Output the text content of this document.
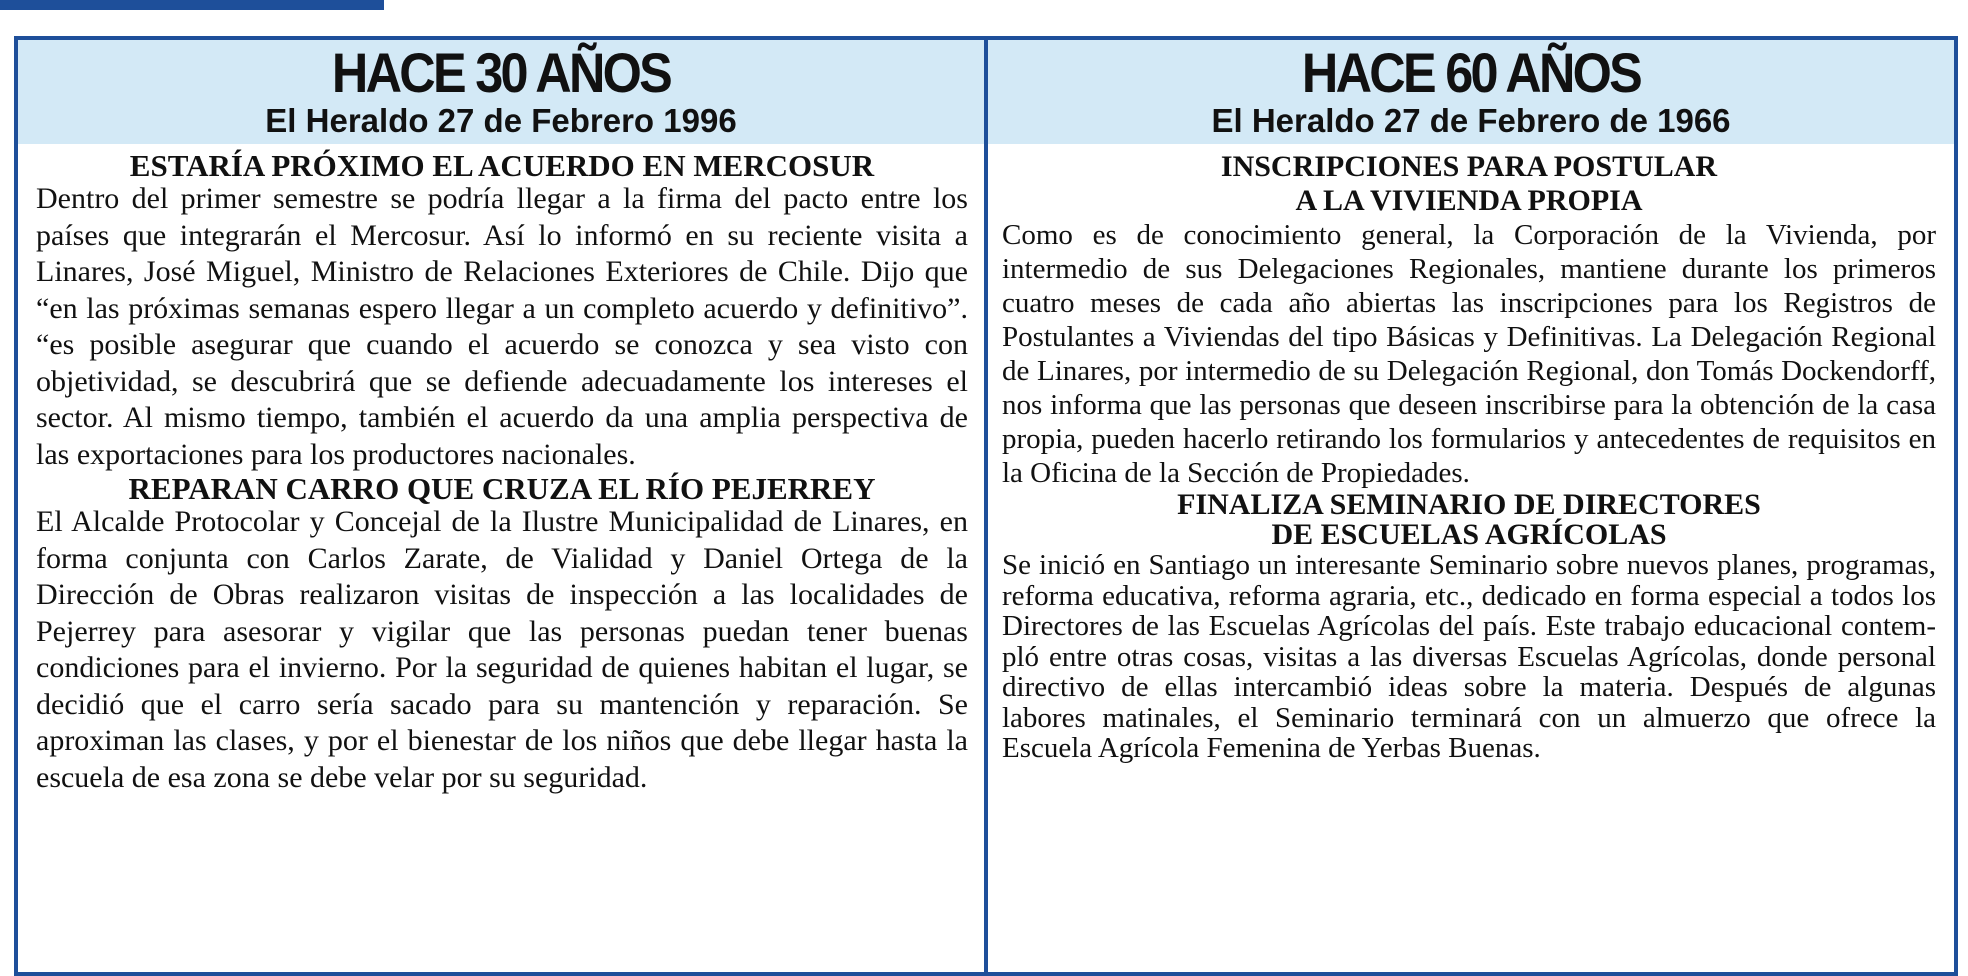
HACE 30 AÑOS
El Heraldo 27 de Febrero 1996
ESTARÍA PRÓXIMO EL ACUERDO EN MERCOSUR

Dentro del primer semestre se podría llegar a la firma del pacto entre los países que integrarán el Mercosur. Así lo informó en su reciente visita a Linares, José Miguel, Ministro de Relaciones Exteriores de Chile. Dijo que “en las próximas semanas espero llegar a un completo acuerdo y definitivo”. “es posible asegurar que cuando el acuerdo se conozca y sea visto con objetividad, se descubrirá que se defiende adecuadamente los intereses el sector. Al mismo tiempo, también el acuerdo da una amplia perspectiva de las exportaciones para los productores nacionales.

REPARAN CARRO QUE CRUZA EL RÍO PEJERREY

El Alcalde Protocolar y Concejal de la Ilustre Municipalidad de Linares, en forma conjunta con Carlos Zarate, de Vialidad y Daniel Ortega de la Dirección de Obras realizaron visitas de inspección a las localidades de Pejerrey para asesorar y vigilar que las personas puedan tener buenas condiciones para el invierno. Por la seguridad de quienes habitan el lugar, se decidió que el carro sería sacado para su mantención y reparación. Se aproximan las clases, y por el bienestar de los niños que debe llegar hasta la escuela de esa zona se debe velar por su seguridad.

HACE 60 AÑOS
El Heraldo 27 de Febrero de 1966
INSCRIPCIONES PARA POSTULAR
A LA VIVIENDA PROPIA

Como es de conocimiento general, la Corporación de la Vivienda, por intermedio de sus Delegaciones Regionales, mantiene durante los primeros cuatro meses de cada año abiertas las inscripciones para los Registros de Postulantes a Viviendas del tipo Básicas y Definitivas. La Delegación Regional de Linares, por intermedio de su Delegación Regional, don Tomás Dockendorff, nos informa que las personas que deseen inscribirse para la obtención de la casa propia, pueden hacerlo retirando los formularios y antecedentes de requisitos en la Oficina de la Sección de Propiedades.

FINALIZA SEMINARIO DE DIRECTORES
DE ESCUELAS AGRÍCOLAS

Se inició en Santiago un interesante Seminario sobre nuevos planes, programas, reforma educativa, reforma agraria, etc., dedicado en forma especial a todos los Directores de las Escuelas Agrícolas del país. Este trabajo educacional contempló entre otras cosas, visitas a las diversas Escuelas Agrícolas, donde personal directivo de ellas intercambió ideas sobre la materia. Después de algunas labores matinales, el Seminario terminará con un almuerzo que ofrece la Escuela Agrícola Femenina de Yerbas Buenas.
